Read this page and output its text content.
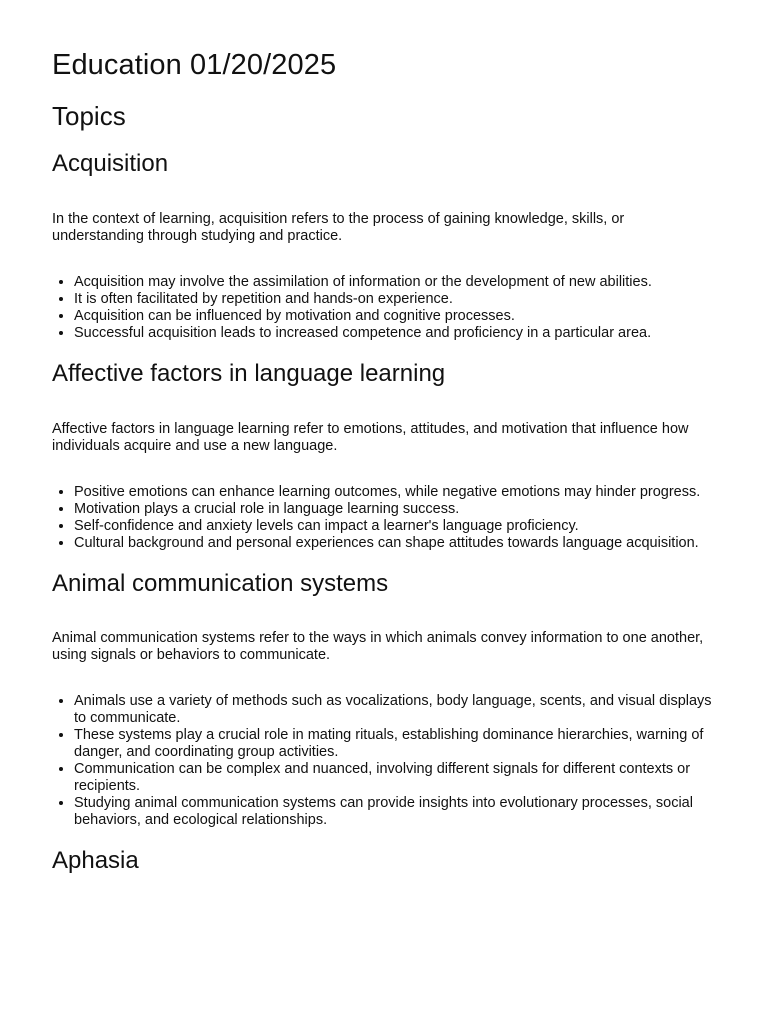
Education 01/20/2025
Topics
Acquisition

In the context of learning, acquisition refers to the process of gaining knowledge, skills, or understanding through studying and practice.

• Acquisition may involve the assimilation of information or the development of new abilities.
• It is often facilitated by repetition and hands-on experience.
• Acquisition can be influenced by motivation and cognitive processes.
• Successful acquisition leads to increased competence and proficiency in a particular area.
Affective factors in language learning

Affective factors in language learning refer to emotions, attitudes, and motivation that influence how individuals acquire and use a new language.

• Positive emotions can enhance learning outcomes, while negative emotions may hinder progress.
• Motivation plays a crucial role in language learning success.
• Self-confidence and anxiety levels can impact a learner's language proficiency.
• Cultural background and personal experiences can shape attitudes towards language acquisition.
Animal communication systems

Animal communication systems refer to the ways in which animals convey information to one another, using signals or behaviors to communicate.

• Animals use a variety of methods such as vocalizations, body language, scents, and visual displays to communicate.
• These systems play a crucial role in mating rituals, establishing dominance hierarchies, warning of danger, and coordinating group activities.
• Communication can be complex and nuanced, involving different signals for different contexts or recipients.
• Studying animal communication systems can provide insights into evolutionary processes, social behaviors, and ecological relationships.
Aphasia
